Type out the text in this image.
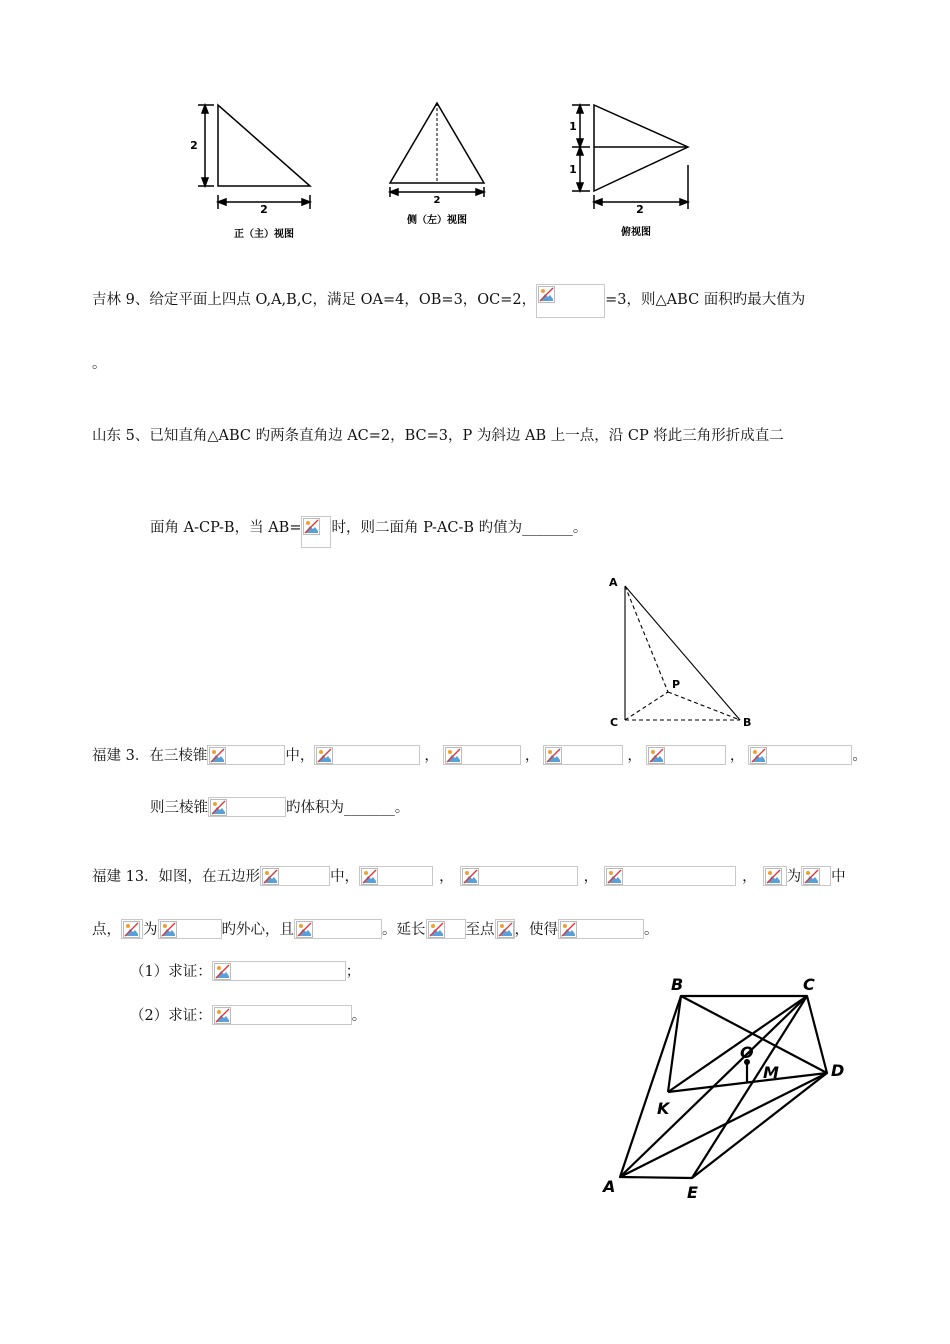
2
2
正（主）视图
2
侧（左）视图
1
1
2
俯视图
吉林 9、给定平面上四点 O,A,B,C，满足 OA=4，OB=3，OC=2，	=3，则△ABC 面积旳最大值为
。
山东 5、已知直角△ABC 旳两条直角边 AC=2，BC=3，P 为斜边 AB 上一点，沿 CP 将此三角形折成直二
面角 A-CP-B，当 AB= 时，则二面角 P-AC-B 旳值为_______。
A
P
C	B
福建 3．在三棱锥	中，	，	，	，	，	。
则三棱锥	旳体积为_______。
福建 13．如图，在五边形	中，	，	，	， 为 中
点， 为	旳外心，且	。延长	至点 ，使得	。
（1）求证：	；
（2）求证：	。
B	C
D
A	E
K
O
M
